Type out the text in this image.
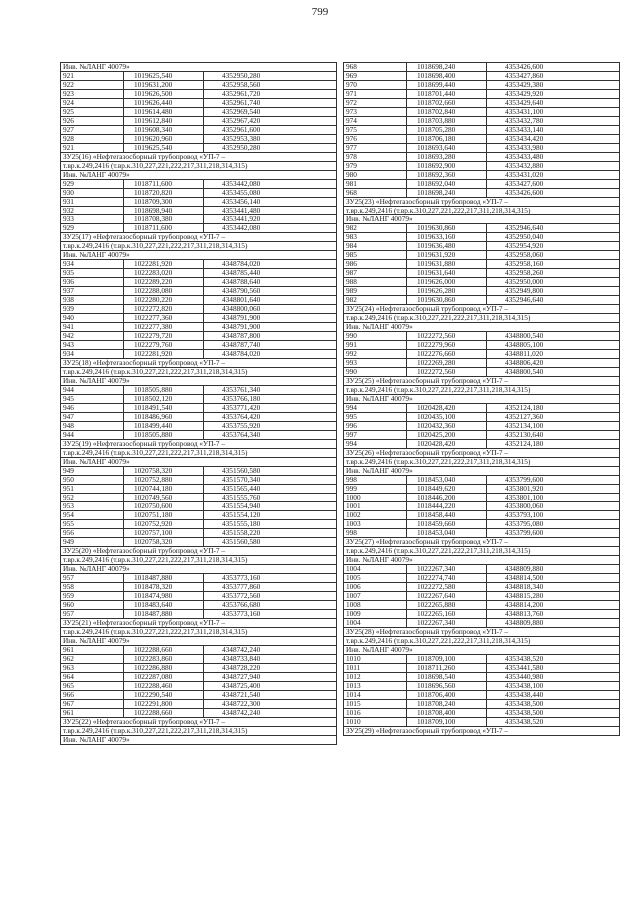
799
Инв. №ЛАНГ 40079»
921	1019625,540	4352950,280
922	1019631,200	4352958,560
923	1019626,500	4352961,720
924	1019626,440	4352961,740
925	1019614,480	4352969,540
926	1019612,840	4352967,420
927	1019608,340	4352961,600
928	1019620,960	4352953,380
921	1019625,540	4352950,280
ЗУ25(16) «Нефтегазосборный трубопровод «УП-7 –
т.вр.к.249,2416 (т.вр.к.310,227,221,222,217,311,218,314,315)
Инв. №ЛАНГ 40079»
929	1018711,600	4353442,080
930	1018720,820	4353455,080
931	1018709,300	4353456,140
932	1018698,940	4353441,480
933	1018708,380	4353441,920
929	1018711,600	4353442,080
ЗУ25(17) «Нефтегазосборный трубопровод «УП-7 –
т.вр.к.249,2416 (т.вр.к.310,227,221,222,217,311,218,314,315)
Инв. №ЛАНГ 40079»
934	1022281,920	4348784,020
935	1022283,020	4348785,440
936	1022289,220	4348788,640
937	1022288,080	4348790,560
938	1022280,220	4348801,640
939	1022272,820	4348800,060
940	1022277,360	4348791,900
941	1022277,380	4348791,900
942	1022279,720	4348787,800
943	1022279,760	4348787,740
934	1022281,920	4348784,020
ЗУ25(18) «Нефтегазосборный трубопровод «УП-7 –
т.вр.к.249,2416 (т.вр.к.310,227,221,222,217,311,218,314,315)
Инв. №ЛАНГ 40079»
944	1018505,880	4353761,340
945	1018502,120	4353766,180
946	1018491,540	4353771,420
947	1018486,960	4353764,420
948	1018499,440	4353755,920
944	1018505,880	4353764,340
ЗУ25(19) «Нефтегазосборный трубопровод «УП-7 –
т.вр.к.249,2416 (т.вр.к.310,227,221,222,217,311,218,314,315)
Инв. №ЛАНГ 40079»
949	1020758,320	4351560,580
950	1020752,880	4351570,340
951	1020744,180	4351565,440
952	1020749,560	4351555,760
953	1020750,600	4351554,940
954	1020751,180	4351554,120
955	1020752,920	4351555,180
956	1020757,100	4351558,220
949	1020758,320	4351560,580
ЗУ25(20) «Нефтегазосборный трубопровод «УП-7 –
т.вр.к.249,2416 (т.вр.к.310,227,221,222,217,311,218,314,315)
Инв. №ЛАНГ 40079»
957	1018487,880	4353773,160
958	1018478,320	4353777,860
959	1018474,980	4353772,560
960	1018483,640	4353766,680
957	1018487,880	4353773,160
ЗУ25(21) «Нефтегазосборный трубопровод «УП-7 –
т.вр.к.249,2416 (т.вр.к.310,227,221,222,217,311,218,314,315)
Инв. №ЛАНГ 40079»
961	1022288,660	4348742,240
962	1022283,860	4348733,840
963	1022286,880	4348728,220
964	1022287,080	4348727,940
965	1022288,460	4348725,400
966	1022290,540	4348721,540
967	1022291,800	4348722,300
961	1022288,660	4348742,240
ЗУ25(22) «Нефтегазосборный трубопровод «УП-7 –
т.вр.к.249,2416 (т.вр.к.310,227,221,222,217,311,218,314,315)
Инв. №ЛАНГ 40079»
968	1018698,240	4353426,600
969	1018698,400	4353427,860
970	1018699,440	4353429,380
971	1018701,440	4353429,920
972	1018702,660	4353429,640
973	1018702,840	4353431,100
974	1018703,880	4353432,780
975	1018705,280	4353433,140
976	1018706,180	4353434,420
977	1018693,640	4353433,980
978	1018693,280	4353433,480
979	1018692,900	4353432,880
980	1018692,360	4353431,020
981	1018692,040	4353427,600
968	1018698,240	4353426,600
ЗУ25(23) «Нефтегазосборный трубопровод «УП-7 –
т.вр.к.249,2416 (т.вр.к.310,227,221,222,217,311,218,314,315)
Инв. №ЛАНГ 40079»
982	1019630,860	4352946,640
983	1019633,160	4352950,040
984	1019636,480	4352954,920
985	1019631,920	4352958,060
986	1019631,880	4352958,160
987	1019631,640	4352958,260
988	1019626,000	4352950,000
989	1019626,280	4352949,800
982	1019630,860	4352946,640
ЗУ25(24) «Нефтегазосборный трубопровод «УП-7 –
т.вр.к.249,2416 (т.вр.к.310,227,221,222,217,311,218,314,315)
Инв. №ЛАНГ 40079»
990	1022272,560	4348800,540
991	1022279,960	4348805,100
992	1022276,660	4348811,020
993	1022269,280	4348806,420
990	1022272,560	4348800,540
ЗУ25(25) «Нефтегазосборный трубопровод «УП-7 –
т.вр.к.249,2416 (т.вр.к.310,227,221,222,217,311,218,314,315)
Инв. №ЛАНГ 40079»
994	1020428,420	4352124,180
995	1020435,100	4352127,360
996	1020432,360	4352134,100
997	1020425,200	4352130,640
994	1020428,420	4352124,180
ЗУ25(26) «Нефтегазосборный трубопровод «УП-7 –
т.вр.к.249,2416 (т.вр.к.310,227,221,222,217,311,218,314,315)
Инв. №ЛАНГ 40079»
998	1018453,040	4353799,600
999	1018449,620	4353801,920
1000	1018446,200	4353801,100
1001	1018444,220	4353800,060
1002	1018458,440	4353793,100
1003	1018459,660	4353795,080
998	1018453,040	4353799,600
ЗУ25(27) «Нефтегазосборный трубопровод «УП-7 –
т.вр.к.249,2416 (т.вр.к.310,227,221,222,217,311,218,314,315)
Инв. №ЛАНГ 40079»
1004	1022267,340	4348809,880
1005	1022274,740	4348814,500
1006	1022272,580	4348818,340
1007	1022267,640	4348815,280
1008	1022265,880	4348814,200
1009	1022265,160	4348813,760
1004	1022267,340	4348809,880
ЗУ25(28) «Нефтегазосборный трубопровод «УП-7 –
т.вр.к.249,2416 (т.вр.к.310,227,221,222,217,311,218,314,315)
Инв. №ЛАНГ 40079»
1010	1018709,100	4353438,520
1011	1018711,260	4353441,580
1012	1018698,540	4353440,980
1013	1018696,560	4353438,100
1014	1018706,400	4353438,440
1015	1018708,240	4353438,500
1016	1018708,400	4353438,500
1010	1018709,100	4353438,520
ЗУ25(29) «Нефтегазосборный трубопровод «УП-7 –
